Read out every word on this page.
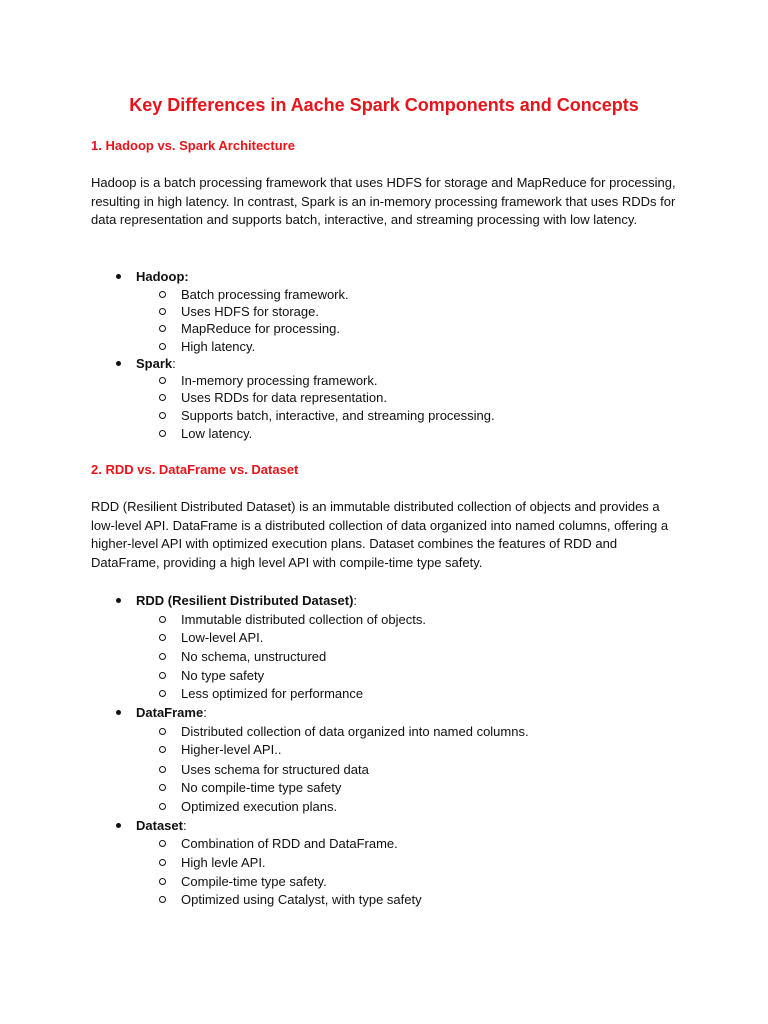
Key Differences in Aache Spark Components and Concepts
1. Hadoop vs. Spark Architecture

Hadoop is a batch processing framework that uses HDFS for storage and MapReduce for processing, resulting in high latency. In contrast, Spark is an in-memory processing framework that uses RDDs for data representation and supports batch, interactive, and streaming processing with low latency.

Hadoop:
Batch processing framework.
Uses HDFS for storage.
MapReduce for processing.
High latency.
Spark:
In-memory processing framework.
Uses RDDs for data representation.
Supports batch, interactive, and streaming processing.
Low latency.
2. RDD vs. DataFrame vs. Dataset

RDD (Resilient Distributed Dataset) is an immutable distributed collection of objects and provides a low-level API. DataFrame is a distributed collection of data organized into named columns, offering a higher-level API with optimized execution plans. Dataset combines the features of RDD and DataFrame, providing a high level API with compile-time type safety.

RDD (Resilient Distributed Dataset):
Immutable distributed collection of objects.
Low-level API.
No schema, unstructured
No type safety
Less optimized for performance
DataFrame:
Distributed collection of data organized into named columns.
Higher-level API..
Uses schema for structured data
No compile-time type safety
Optimized execution plans.
Dataset:
Combination of RDD and DataFrame.
High levle API.
Compile-time type safety.
Optimized using Catalyst, with type safety
